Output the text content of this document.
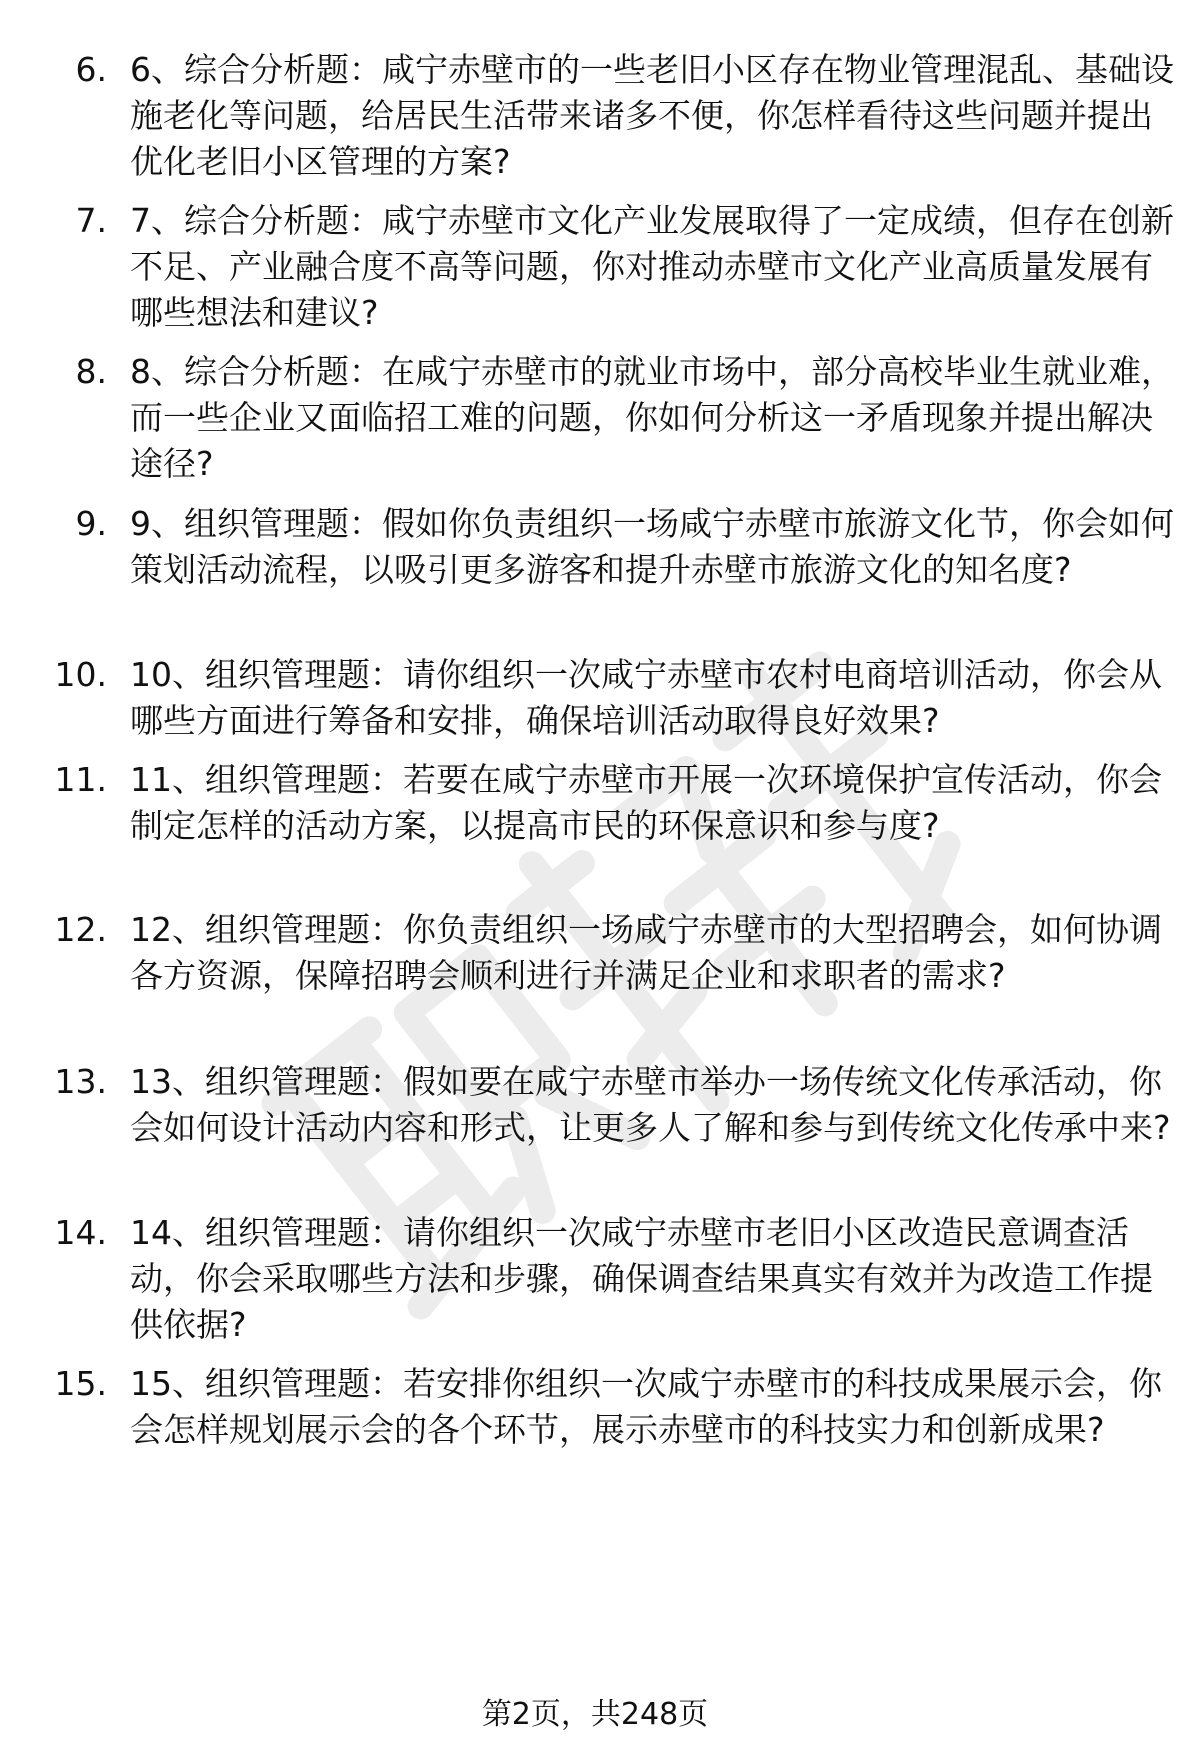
6. 6、综合分析题：咸宁赤壁市的一些老旧小区存在物业管理混乱、基础设施老化等问题，给居民生活带来诸多不便，你怎样看待这些问题并提出优化老旧小区管理的方案?
7. 7、综合分析题：咸宁赤壁市文化产业发展取得了一定成绩，但存在创新不足、产业融合度不高等问题，你对推动赤壁市文化产业高质量发展有哪些想法和建议?
8. 8、综合分析题：在咸宁赤壁市的就业市场中，部分高校毕业生就业难，而一些企业又面临招工难的问题，你如何分析这一矛盾现象并提出解决途径?
9. 9、组织管理题：假如你负责组织一场咸宁赤壁市旅游文化节，你会如何策划活动流程，以吸引更多游客和提升赤壁市旅游文化的知名度?
10. 10、组织管理题：请你组织一次咸宁赤壁市农村电商培训活动，你会从哪些方面进行筹备和安排，确保培训活动取得良好效果?
11. 11、组织管理题：若要在咸宁赤壁市开展一次环境保护宣传活动，你会制定怎样的活动方案，以提高市民的环保意识和参与度?
12. 12、组织管理题：你负责组织一场咸宁赤壁市的大型招聘会，如何协调各方资源，保障招聘会顺利进行并满足企业和求职者的需求?
13. 13、组织管理题：假如要在咸宁赤壁市举办一场传统文化传承活动，你会如何设计活动内容和形式，让更多人了解和参与到传统文化传承中来?
14. 14、组织管理题：请你组织一次咸宁赤壁市老旧小区改造民意调查活动，你会采取哪些方法和步骤，确保调查结果真实有效并为改造工作提供依据?
15. 15、组织管理题：若安排你组织一次咸宁赤壁市的科技成果展示会，你会怎样规划展示会的各个环节，展示赤壁市的科技实力和创新成果?
第2页，共248页
